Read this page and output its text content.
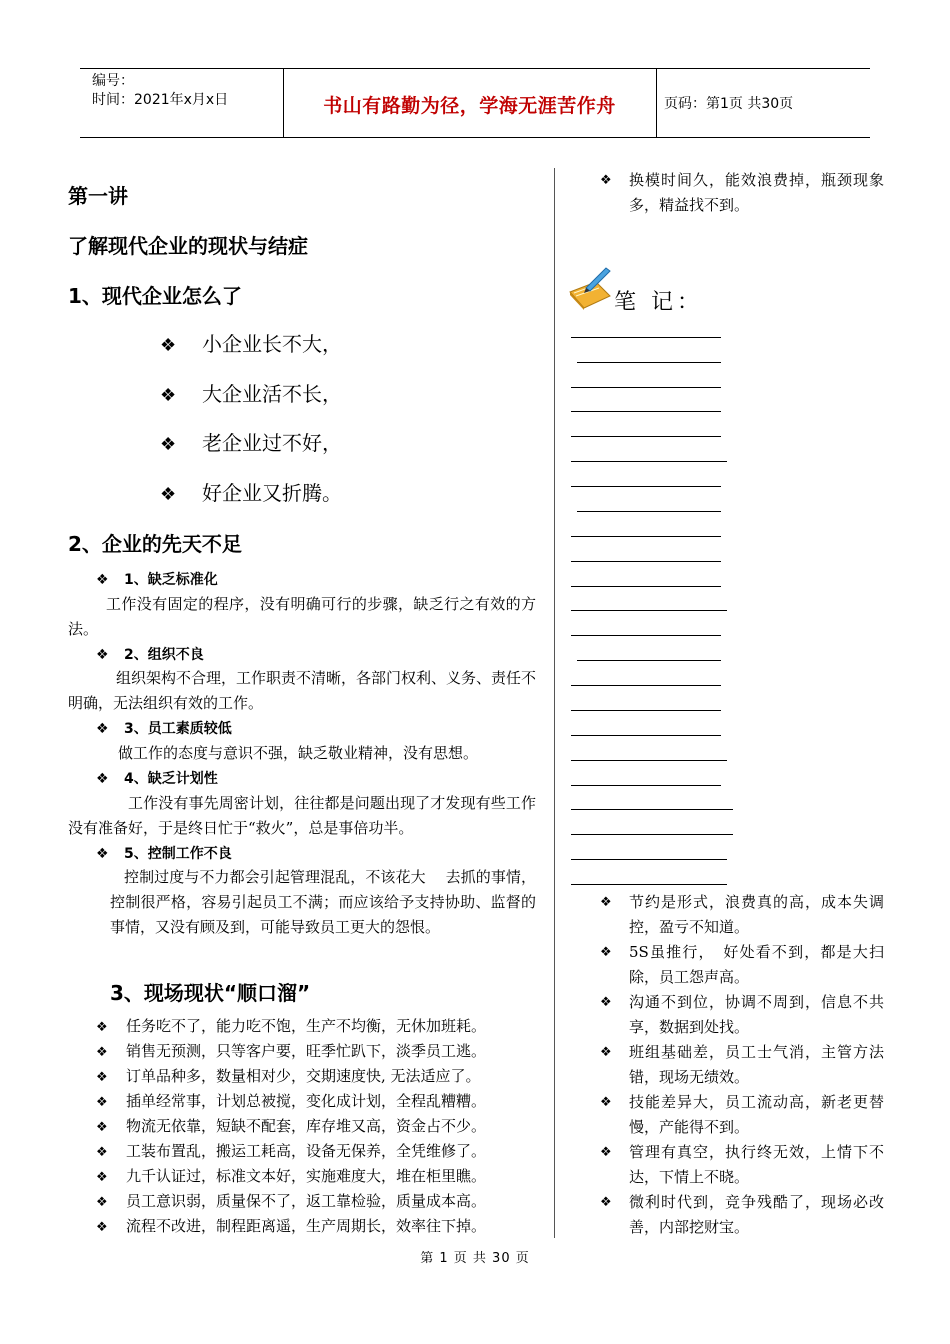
编号：
时间：2021年x月x日	书山有路勤为径，学海无涯苦作舟	页码：第1页 共30页
第一讲
了解现代企业的现状与结症
1、现代企业怎么了
❖ 小企业长不大，
❖ 大企业活不长，
❖ 老企业过不好，
❖ 好企业又折腾。
2、企业的先天不足
❖ 1、缺乏标准化
工作没有固定的程序，没有明确可行的步骤，缺乏行之有效的方法。
❖ 2、组织不良
组织架构不合理，工作职责不清晰，各部门权利、义务、责任不明确，无法组织有效的工作。
❖ 3、员工素质较低
做工作的态度与意识不强，缺乏敬业精神，没有思想。
❖ 4、缺乏计划性
工作没有事先周密计划，往往都是问题出现了才发现有些工作没有准备好，于是终日忙于“救火”，总是事倍功半。
❖ 5、控制工作不良
控制过度与不力都会引起管理混乱，不该花大　 去抓的事情，控制很严格，容易引起员工不满；而应该给予支持协助、监督的事情，又没有顾及到，可能导致员工更大的怨恨。
3、现场现状“顺口溜”
❖ 任务吃不了，能力吃不饱，生产不均衡，无休加班耗。
❖ 销售无预测，只等客户要，旺季忙趴下，淡季员工逃。
❖ 订单品种多，数量相对少，交期速度快, 无法适应了。
❖ 插单经常事，计划总被搅，变化成计划，全程乱糟糟。
❖ 物流无依靠，短缺不配套，库存堆又高，资金占不少。
❖ 工装布置乱，搬运工耗高，设备无保养，全凭维修了。
❖ 九千认证过，标准文本好，实施难度大，堆在柜里瞧。
❖ 员工意识弱，质量保不了，返工靠检验，质量成本高。
❖ 流程不改进，制程距离遥，生产周期长，效率往下掉。
❖	换模时间久，能效浪费掉，瓶颈现象多，精益找不到。
笔 记：
❖	节约是形式，浪费真的高，成本失调控，盈亏不知道。
❖	5S虽推行，　好处看不到，都是大扫除，员工怨声高。
❖	沟通不到位，协调不周到，信息不共享，数据到处找。
❖	班组基础差，员工士气消，主管方法错，现场无绩效。
❖	技能差异大，员工流动高，新老更替慢，产能得不到。
❖	管理有真空，执行终无效，上情下不达，下情上不晓。
❖	微利时代到，竞争残酷了，现场必改善，内部挖财宝。
第 1 页 共 30 页
